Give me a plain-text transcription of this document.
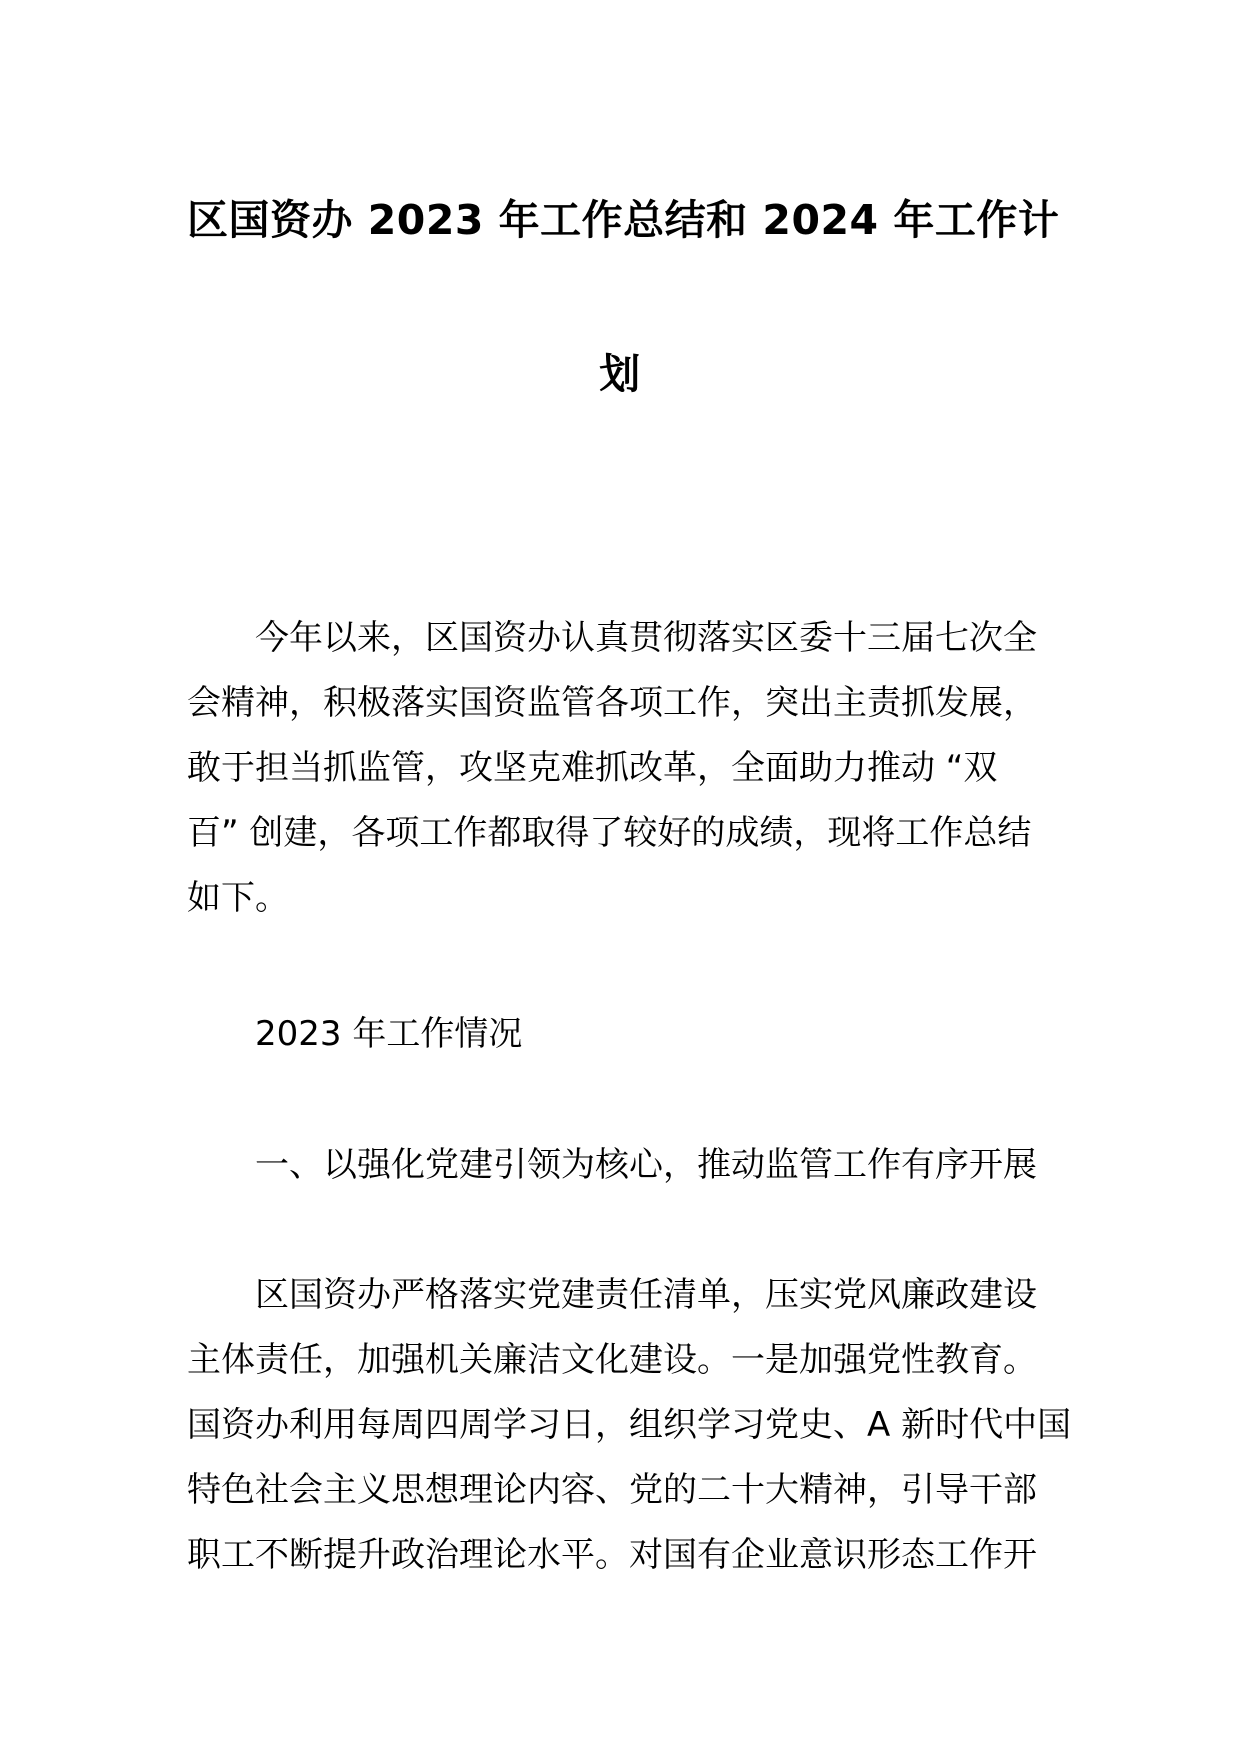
区国资办 2023 年工作总结和 2024 年工作计
划

今年以来，区国资办认真贯彻落实区委十三届七次全
会精神，积极落实国资监管各项工作，突出主责抓发展，
敢于担当抓监管，攻坚克难抓改革，全面助力推动 “双
百” 创建，各项工作都取得了较好的成绩，现将工作总结
如下。

2023 年工作情况

一、以强化党建引领为核心，推动监管工作有序开展

区国资办严格落实党建责任清单，压实党风廉政建设
主体责任，加强机关廉洁文化建设。一是加强党性教育。
国资办利用每周四周学习日，组织学习党史、A 新时代中国
特色社会主义思想理论内容、党的二十大精神，引导干部
职工不断提升政治理论水平。对国有企业意识形态工作开
